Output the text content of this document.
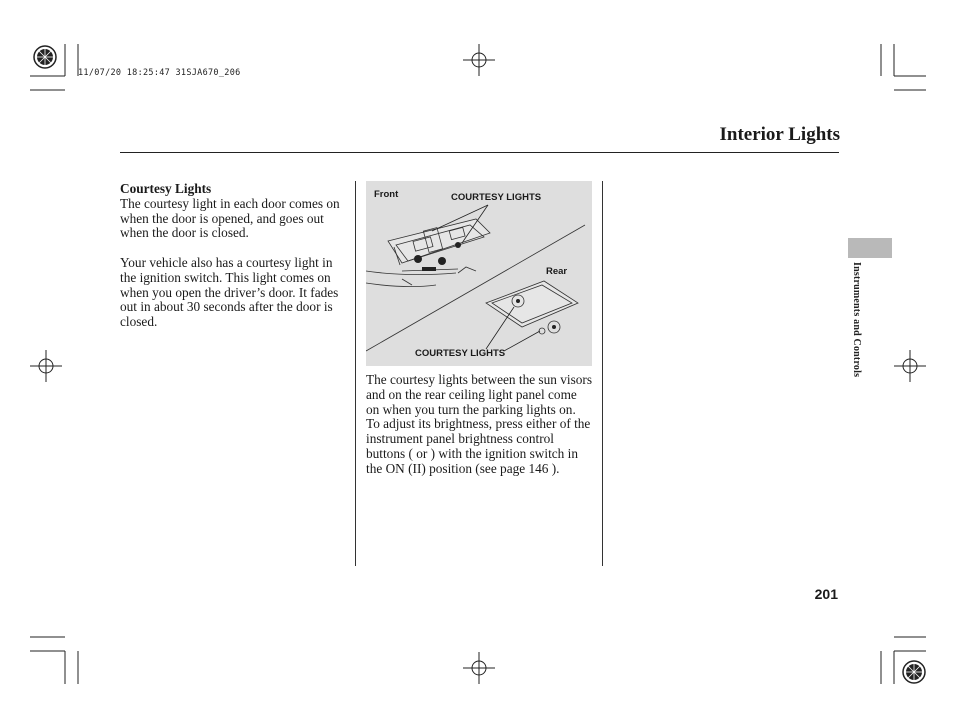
11/07/20 18:25:47 31SJA670_206
Interior Lights
Courtesy Lights

The courtesy light in each door comes on when the door is opened, and goes out when the door is closed.

Your vehicle also has a courtesy light in the ignition switch. This light comes on when you open the driver’s door. It fades out in about 30 seconds after the door is closed.

Front	COURTESY LIGHTS
Rear
COURTESY LIGHTS

The courtesy lights between the sun visors and on the rear ceiling light panel come on when you turn the parking lights on. To adjust its brightness, press either of the instrument panel brightness control buttons ( or ) with the ignition switch in the ON (II) position (see page 146 ).

Instruments and Controls
201
